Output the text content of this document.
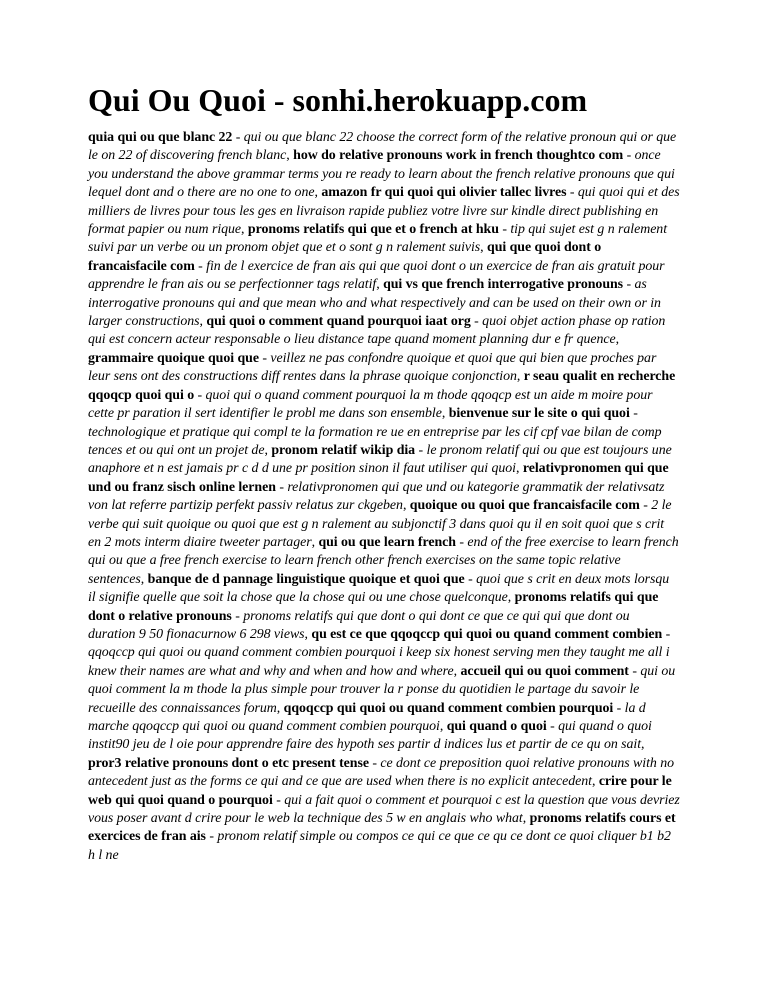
Qui Ou Quoi - sonhi.herokuapp.com

quia qui ou que blanc 22 - qui ou que blanc 22 choose the correct form of the relative pronoun qui or que le on 22 of discovering french blanc, how do relative pronouns work in french thoughtco com - once you understand the above grammar terms you re ready to learn about the french relative pronouns que qui lequel dont and o there are no one to one, amazon fr qui quoi qui olivier tallec livres - qui quoi qui et des milliers de livres pour tous les ges en livraison rapide publiez votre livre sur kindle direct publishing en format papier ou num rique, pronoms relatifs qui que et o french at hku - tip qui sujet est g n ralement suivi par un verbe ou un pronom objet que et o sont g n ralement suivis, qui que quoi dont o francaisfacile com - fin de l exercice de fran ais qui que quoi dont o un exercice de fran ais gratuit pour apprendre le fran ais ou se perfectionner tags relatif, qui vs que french interrogative pronouns - as interrogative pronouns qui and que mean who and what respectively and can be used on their own or in larger constructions, qui quoi o comment quand pourquoi iaat org - quoi objet action phase op ration qui est concern acteur responsable o lieu distance tape quand moment planning dur e fr quence, grammaire quoique quoi que - veillez ne pas confondre quoique et quoi que qui bien que proches par leur sens ont des constructions diff rentes dans la phrase quoique conjonction, r seau qualit en recherche qqoqcp quoi qui o - quoi qui o quand comment pourquoi la m thode qqoqcp est un aide m moire pour cette pr paration il sert identifier le probl me dans son ensemble, bienvenue sur le site o qui quoi - technologique et pratique qui compl te la formation re ue en entreprise par les cif cpf vae bilan de comp tences et ou qui ont un projet de, pronom relatif wikip dia - le pronom relatif qui ou que est toujours une anaphore et n est jamais pr c d d une pr position sinon il faut utiliser qui quoi, relativpronomen qui que und ou franz sisch online lernen - relativpronomen qui que und ou kategorie grammatik der relativsatz von lat referre partizip perfekt passiv relatus zur ckgeben, quoique ou quoi que francaisfacile com - 2 le verbe qui suit quoique ou quoi que est g n ralement au subjonctif 3 dans quoi qu il en soit quoi que s crit en 2 mots interm diaire tweeter partager, qui ou que learn french - end of the free exercise to learn french qui ou que a free french exercise to learn french other french exercises on the same topic relative sentences, banque de d pannage linguistique quoique et quoi que - quoi que s crit en deux mots lorsqu il signifie quelle que soit la chose que la chose qui ou une chose quelconque, pronoms relatifs qui que dont o relative pronouns - pronoms relatifs qui que dont o qui dont ce que ce qui qui que dont ou duration 9 50 fionacurnow 6 298 views, qu est ce que qqoqccp qui quoi ou quand comment combien - qqoqccp qui quoi ou quand comment combien pourquoi i keep six honest serving men they taught me all i knew their names are what and why and when and how and where, accueil qui ou quoi comment - qui ou quoi comment la m thode la plus simple pour trouver la r ponse du quotidien le partage du savoir le recueille des connaissances forum, qqoqccp qui quoi ou quand comment combien pourquoi - la d marche qqoqccp qui quoi ou quand comment combien pourquoi, qui quand o quoi - qui quand o quoi instit90 jeu de l oie pour apprendre faire des hypoth ses partir d indices lus et partir de ce qu on sait, pror3 relative pronouns dont o etc present tense - ce dont ce preposition quoi relative pronouns with no antecedent just as the forms ce qui and ce que are used when there is no explicit antecedent, crire pour le web qui quoi quand o pourquoi - qui a fait quoi o comment et pourquoi c est la question que vous devriez vous poser avant d crire pour le web la technique des 5 w en anglais who what, pronoms relatifs cours et exercices de fran ais - pronom relatif simple ou compos ce qui ce que ce qu ce dont ce quoi cliquer b1 b2 h l ne
